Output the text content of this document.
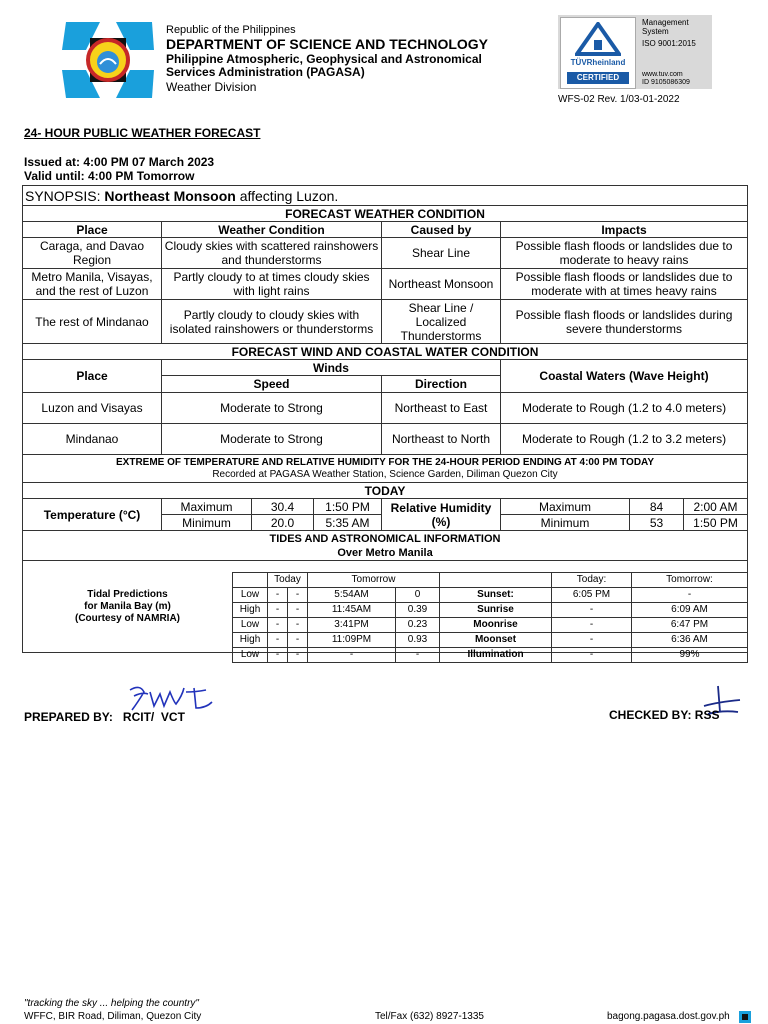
Republic of the Philippines
DEPARTMENT OF SCIENCE AND TECHNOLOGY
Philippine Atmospheric, Geophysical and Astronomical
Services Administration (PAGASA)
Weather Division
TÜVRheinland
CERTIFIED
Management
System
ISO 9001:2015
www.tuv.com
ID 9105086309
WFS-02 Rev. 1/03-01-2022
24- HOUR PUBLIC WEATHER FORECAST
Issued at: 4:00 PM 07 March 2023
Valid until: 4:00 PM Tomorrow
SYNOPSIS: Northeast Monsoon affecting Luzon.							
FORECAST WEATHER CONDITION							
Place	Weather Condition			Caused by	Impacts		
Caraga, and Davao Region	Cloudy skies with scattered rainshowers and thunderstorms			Shear Line	Possible flash floods or landslides due to moderate to heavy rains		
Metro Manila, Visayas, and the rest of Luzon	Partly cloudy to at times cloudy skies with light rains			Northeast Monsoon	Possible flash floods or landslides due to moderate with at times heavy rains		
The rest of Mindanao	Partly cloudy to cloudy skies with isolated rainshowers or thunderstorms			Shear Line / Localized Thunderstorms	Possible flash floods or landslides during severe thunderstorms		
FORECAST WIND AND COASTAL WATER CONDITION							
Place	Winds				Coastal Waters (Wave Height)		
	Speed			Direction			
Luzon and Visayas	Moderate to Strong			Northeast to East	Moderate to Rough (1.2 to 4.0 meters)		
Mindanao	Moderate to Strong			Northeast to North	Moderate to Rough (1.2 to 3.2 meters)		

EXTREME OF TEMPERATURE AND RELATIVE HUMIDITY FOR THE 24-HOUR PERIOD ENDING AT 4:00 PM TODAY
Recorded at PAGASA Weather Station, Science Garden, Diliman Quezon City							

TODAY							
Temperature (°C)	Maximum	30.4	1:50 PM	Relative Humidity (%)	Maximum	84	2:00 AM
	Minimum	20.0	5:35 AM		Minimum	53	1:50 PM

TIDES AND ASTRONOMICAL INFORMATION
Over Metro Manila							

Tidal Predictions
for Manila Bay (m)
(Courtesy of NAMRIA)							
	Today		Tomorrow			Today:	Tomorrow:
Low	-	-	5:54AM	0	Sunset:	6:05 PM	-
High	-	-	11:45AM	0.39	Sunrise	-	6:09 AM
Low	-	-	3:41PM	0.23	Moonrise	-	6:47 PM
High	-	-	11:09PM	0.93	Moonset	-	6:36 AM
Low	-	-	-	-	Illumination	-	99%
PREPARED BY:   RCIT/  VCT	CHECKED BY: RSS
"tracking the sky ... helping the country"
WFFC, BIR Road, Diliman, Quezon City	Tel/Fax (632) 8927-1335	bagong.pagasa.dost.gov.ph
